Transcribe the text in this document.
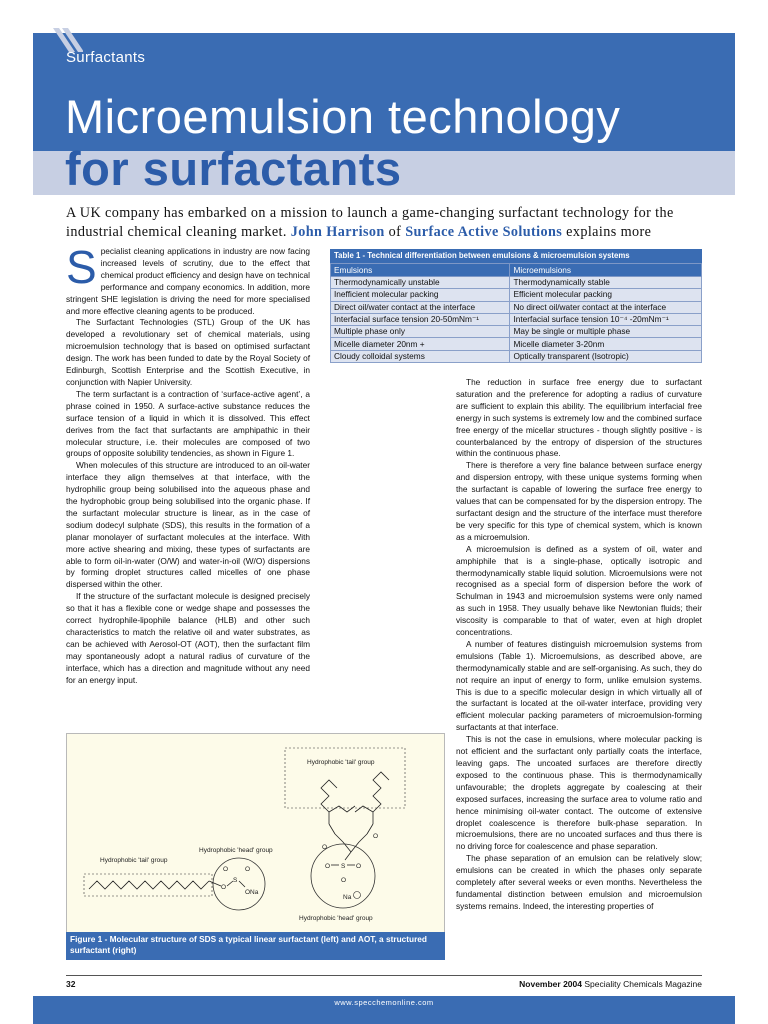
Surfactants
Microemulsion technology
for surfactants
A UK company has embarked on a mission to launch a game-changing surfactant technology for the industrial chemical cleaning market. John Harrison of Surface Active Solutions explains more

Specialist cleaning applications in industry are now facing increased levels of scrutiny, due to the effect that chemical product efficiency and design have on technical performance and company economics. In addition, more stringent SHE legislation is driving the need for more specialised and more effective cleaning agents to be produced.

The Surfactant Technologies (STL) Group of the UK has developed a revolutionary set of chemical materials, using microemulsion technology that is based on optimised surfactant design. The work has been funded to date by the Royal Society of Edinburgh, Scottish Enterprise and the Scottish Executive, in conjunction with Napier University.

The term surfactant is a contraction of ‘surface-active agent’, a phrase coined in 1950. A surface-active substance reduces the surface tension of a liquid in which it is dissolved. This effect derives from the fact that surfactants are amphipathic in their molecular structure, i.e. their molecules are composed of two groups of opposite solubility tendencies, as shown in Figure 1.

When molecules of this structure are introduced to an oil-water interface they align themselves at that interface, with the hydrophilic group being solubilised into the aqueous phase and the hydrophobic group being solubilised into the organic phase. If the surfactant molecular structure is linear, as in the case of sodium dodecyl sulphate (SDS), this results in the formation of a planar monolayer of surfactant molecules at the interface. With more active shearing and mixing, these types of surfactants are able to form oil-in-water (O/W) and water-in-oil (W/O) dispersions by forming droplet structures called micelles of one phase dispersed within the other.

If the structure of the surfactant molecule is designed precisely so that it has a flexible cone or wedge shape and possesses the correct hydrophile-lipophile balance (HLB) and other such characteristics to match the relative oil and water substrates, as can be achieved with Aerosol-OT (AOT), then the surfactant film may spontaneously adopt a natural radius of curvature of the interface, which has a direction and magnitude without any need for an energy input.

Table 1 - Technical differentiation between emulsions & microemulsion systems
Emulsions	Microemulsions
Thermodynamically unstable	Thermodynamically stable
Inefficient molecular packing	Efficient molecular packing
Direct oil/water contact at the interface	No direct oil/water contact at the interface
Interfacial surface tension 20-50mNm⁻¹	Interfacial surface tension 10⁻⁴ -20mNm⁻¹
Multiple phase only	May be single or multiple phase
Micelle diameter 20nm +	Micelle diameter 3-20nm
Cloudy colloidal systems	Optically transparent (Isotropic)

The reduction in surface free energy due to surfactant saturation and the preference for adopting a radius of curvature are sufficient to explain this ability. The equilibrium interfacial free energy in such systems is extremely low and the combined surface free energy of the micellar structures - though slightly positive - is counterbalanced by the entropy of dispersion of the structures within the continuous phase.

There is therefore a very fine balance between surface energy and dispersion entropy, with these unique systems forming when the surfactant is capable of lowering the surface free energy to values that can be compensated for by the dispersion entropy. The surfactant design and the structure of the interface must therefore be very specific for this type of chemical system, which is known as a microemulsion.

A microemulsion is defined as a system of oil, water and amphiphile that is a single-phase, optically isotropic and thermodynamically stable liquid solution. Microemulsions were not recognised as a special form of dispersion before the work of Schulman in 1943 and microemulsion systems were only named as such in 1958. They usually behave like Newtonian fluids; their viscosity is comparable to that of water, even at high droplet concentrations.

A number of features distinguish microemulsion systems from emulsions (Table 1). Microemulsions, as described above, are thermodynamically stable and are self-organising. As such, they do not require an input of energy to form, unlike emulsion systems. This is due to a specific molecular design in which virtually all of the surfactant is located at the oil-water interface, providing very efficient molecular packing parameters of microemulsion-forming surfactants at that interface.

This is not the case in emulsions, where molecular packing is not efficient and the surfactant only partially coats the interface, leaving gaps. The uncoated surfaces are therefore directly exposed to the continuous phase. This is thermodynamically unfavourable; the droplets aggregate by coalescing at their exposed surfaces, increasing the surface area to volume ratio and hence minimising oil-water contact. The outcome of extensive droplet coalescence is therefore bulk-phase separation. In microemulsions, there are no uncoated surfaces and thus there is no driving force for coalescence and phase separation.

The phase separation of an emulsion can be relatively slow; emulsions can be created in which the phases only separate completely after several weeks or even months. Nevertheless the fundamental distinction between emulsion and microemulsion systems remains. Indeed, the interesting properties of

O
S
O	O
ONa
Hydrophobic 'tail' group
Hydrophobic 'head' group
Hydrophobic 'tail' group
O
O
O S O
O
Na
Hydrophobic 'head' group
Figure 1 - Molecular structure of SDS a typical linear surfactant (left) and AOT, a structured surfactant (right)
32	November 2004 Speciality Chemicals Magazine
www.specchemonline.com
